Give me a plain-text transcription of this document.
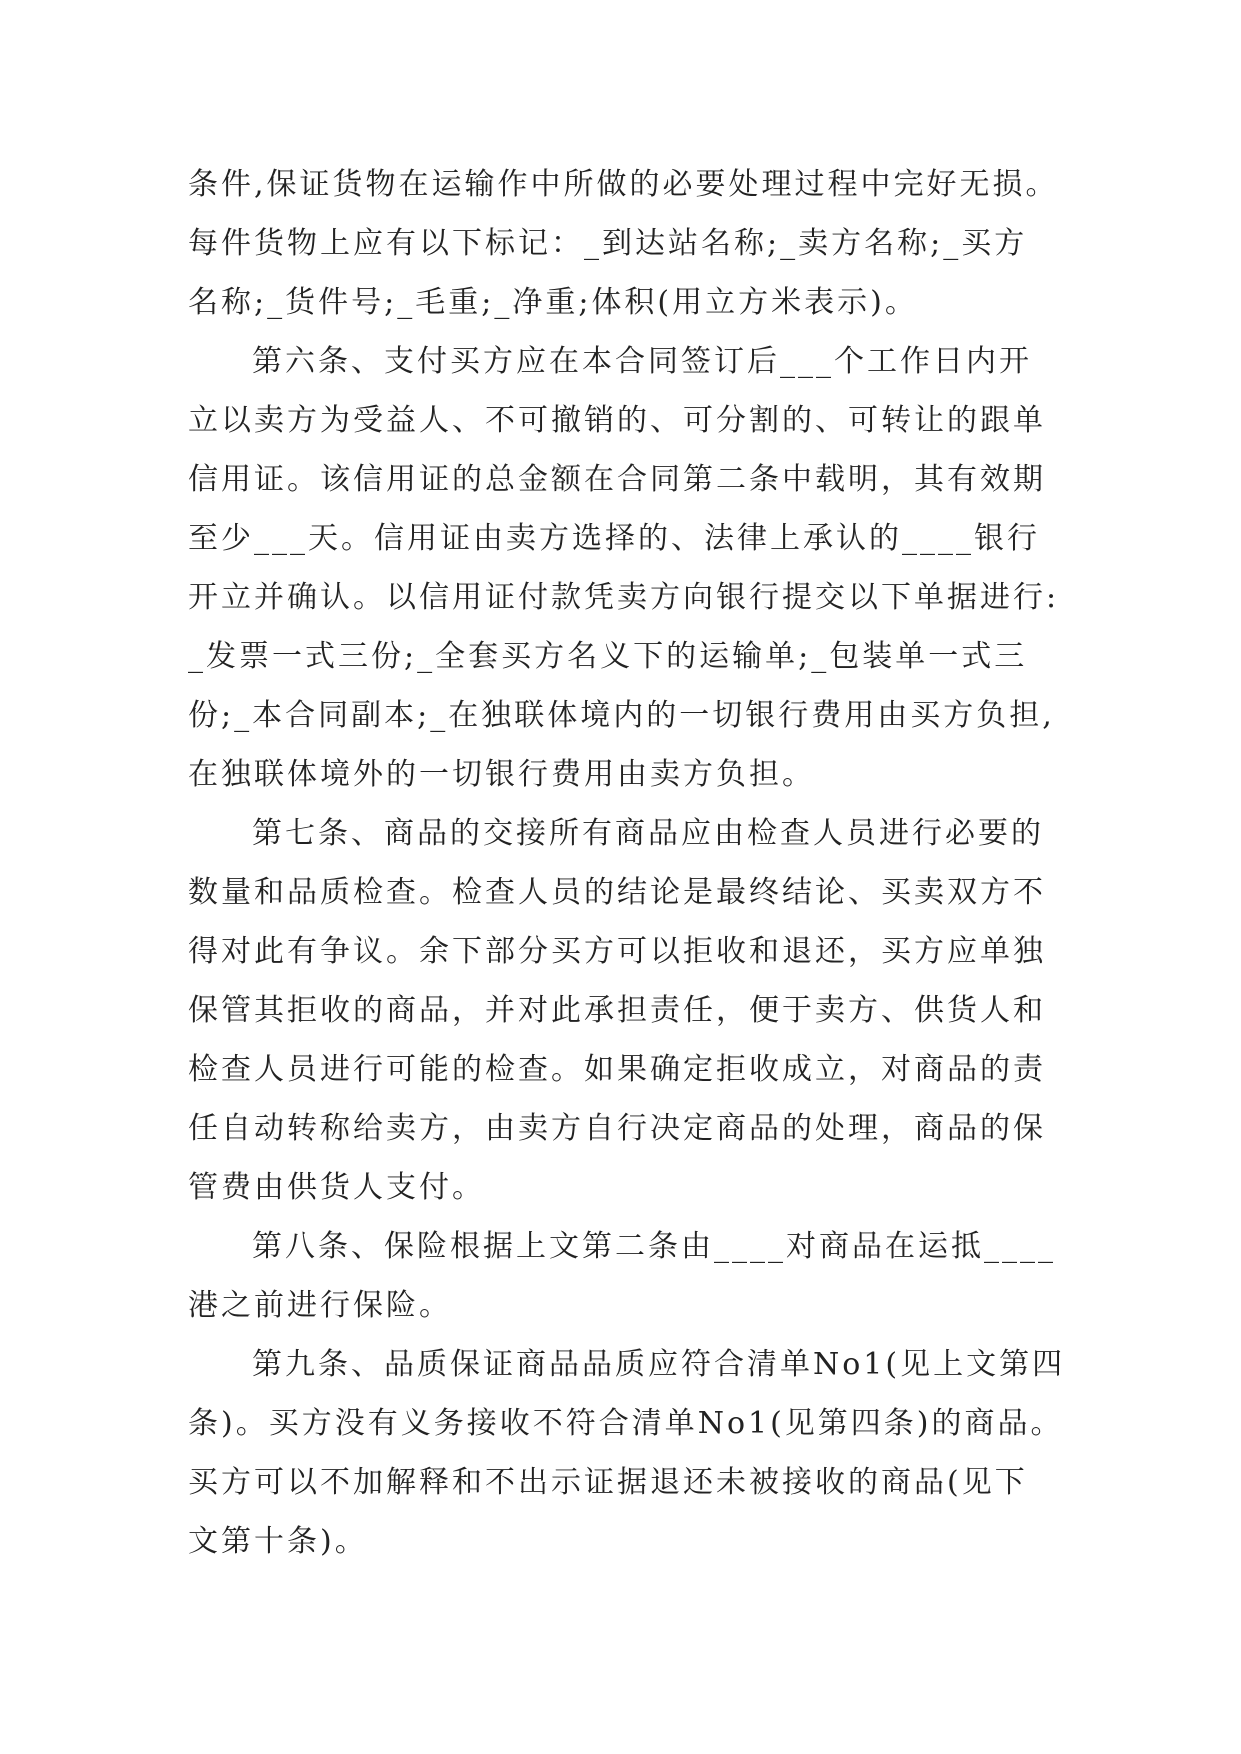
条件,保证货物在运输作中所做的必要处理过程中完好无损。
每件货物上应有以下标记：_到达站名称;_卖方名称;_买方
名称;_货件号;_毛重;_净重;体积(用立方米表示)。
第六条、支付买方应在本合同签订后___个工作日内开
立以卖方为受益人、不可撤销的、可分割的、可转让的跟单
信用证。该信用证的总金额在合同第二条中载明，其有效期
至少___天。信用证由卖方选择的、法律上承认的____银行
开立并确认。以信用证付款凭卖方向银行提交以下单据进行:
_发票一式三份;_全套买方名义下的运输单;_包装单一式三
份;_本合同副本;_在独联体境内的一切银行费用由买方负担,
在独联体境外的一切银行费用由卖方负担。
第七条、商品的交接所有商品应由检查人员进行必要的
数量和品质检查。检查人员的结论是最终结论、买卖双方不
得对此有争议。余下部分买方可以拒收和退还，买方应单独
保管其拒收的商品，并对此承担责任，便于卖方、供货人和
检查人员进行可能的检查。如果确定拒收成立，对商品的责
任自动转称给卖方，由卖方自行决定商品的处理，商品的保
管费由供货人支付。
第八条、保险根据上文第二条由____对商品在运抵____
港之前进行保险。
第九条、品质保证商品品质应符合清单No1(见上文第四
条)。买方没有义务接收不符合清单No1(见第四条)的商品。
买方可以不加解释和不出示证据退还未被接收的商品(见下
文第十条)。
